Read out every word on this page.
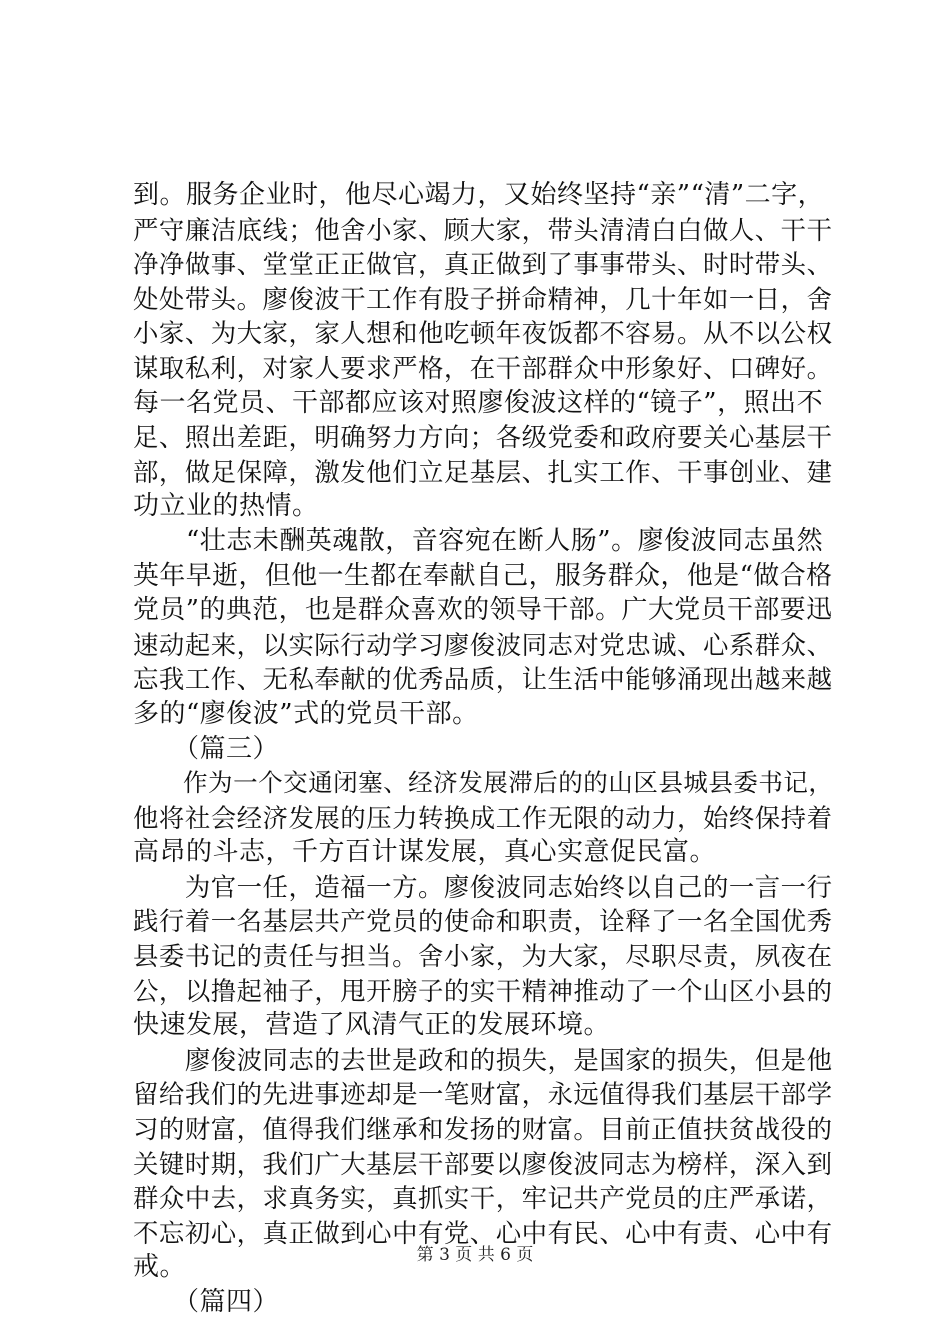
到。服务企业时，他尽心竭力，又始终坚持“亲”“清”二字，
严守廉洁底线；他舍小家、顾大家，带头清清白白做人、干干
净净做事、堂堂正正做官，真正做到了事事带头、时时带头、
处处带头。廖俊波干工作有股子拼命精神，几十年如一日，舍
小家、为大家，家人想和他吃顿年夜饭都不容易。从不以公权
谋取私利，对家人要求严格，在干部群众中形象好、口碑好。
每一名党员、干部都应该对照廖俊波这样的“镜子”，照出不
足、照出差距，明确努力方向；各级党委和政府要关心基层干
部，做足保障，激发他们立足基层、扎实工作、干事创业、建
功立业的热情。
　　“壮志未酬英魂散，音容宛在断人肠”。廖俊波同志虽然
英年早逝，但他一生都在奉献自己，服务群众，他是“做合格
党员”的典范，也是群众喜欢的领导干部。广大党员干部要迅
速动起来，以实际行动学习廖俊波同志对党忠诚、心系群众、
忘我工作、无私奉献的优秀品质，让生活中能够涌现出越来越
多的“廖俊波”式的党员干部。
　　（篇三）
　　作为一个交通闭塞、经济发展滞后的的山区县城县委书记，
他将社会经济发展的压力转换成工作无限的动力，始终保持着
高昂的斗志，千方百计谋发展，真心实意促民富。
　　为官一任，造福一方。廖俊波同志始终以自己的一言一行
践行着一名基层共产党员的使命和职责，诠释了一名全国优秀
县委书记的责任与担当。舍小家，为大家，尽职尽责，夙夜在
公，以撸起袖子，甩开膀子的实干精神推动了一个山区小县的
快速发展，营造了风清气正的发展环境。
　　廖俊波同志的去世是政和的损失，是国家的损失，但是他
留给我们的先进事迹却是一笔财富，永远值得我们基层干部学
习的财富，值得我们继承和发扬的财富。目前正值扶贫战役的
关键时期，我们广大基层干部要以廖俊波同志为榜样，深入到
群众中去，求真务实，真抓实干，牢记共产党员的庄严承诺，
不忘初心，真正做到心中有党、心中有民、心中有责、心中有
戒。
　　（篇四）
第 3 页 共 6 页
